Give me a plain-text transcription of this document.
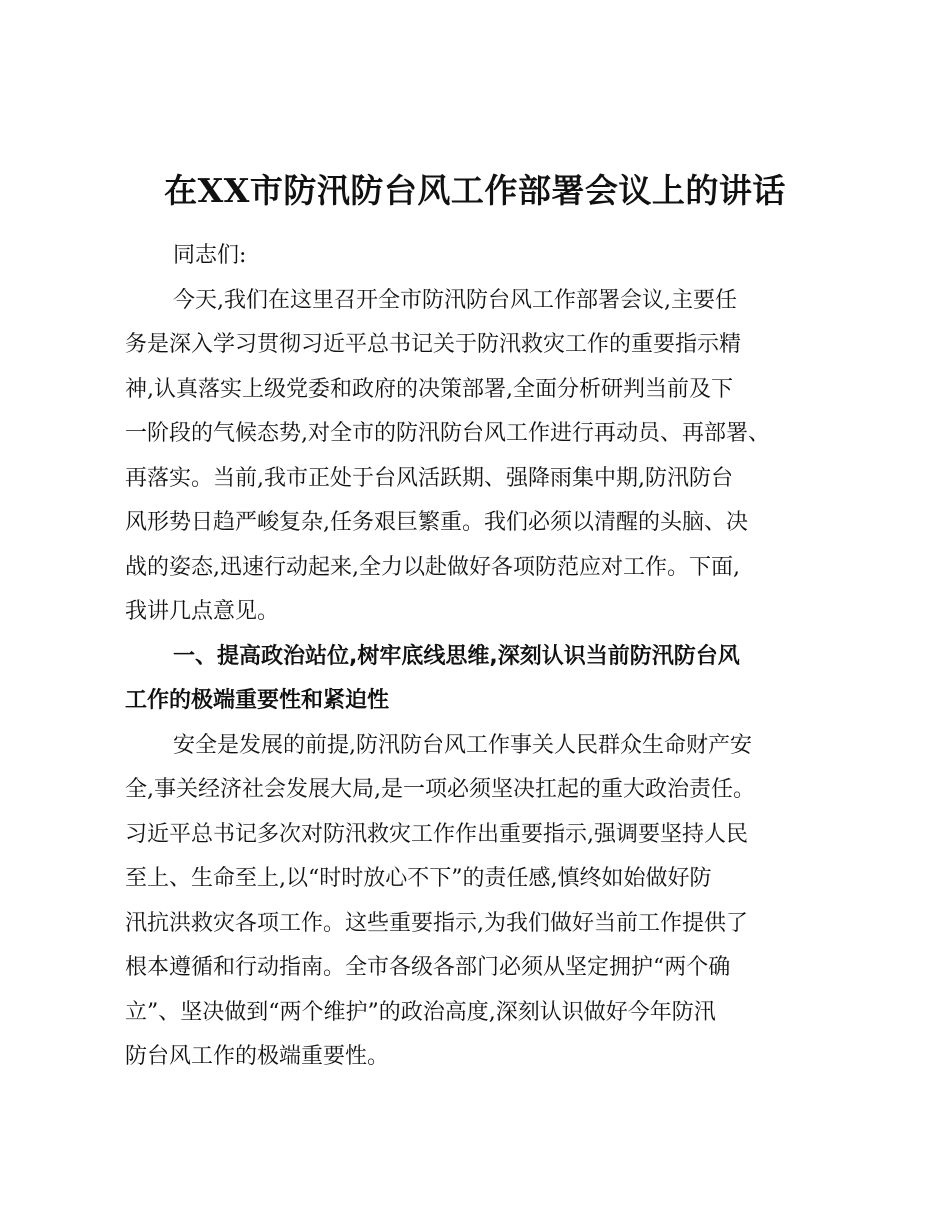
在XX市防汛防台风工作部署会议上的讲话
同志们:
今天,我们在这里召开全市防汛防台风工作部署会议,主要任
务是深入学习贯彻习近平总书记关于防汛救灾工作的重要指示精
神,认真落实上级党委和政府的决策部署,全面分析研判当前及下
一阶段的气候态势,对全市的防汛防台风工作进行再动员、再部署、
再落实。当前,我市正处于台风活跃期、强降雨集中期,防汛防台
风形势日趋严峻复杂,任务艰巨繁重。我们必须以清醒的头脑、决
战的姿态,迅速行动起来,全力以赴做好各项防范应对工作。下面,
我讲几点意见。
一、提高政治站位,树牢底线思维,深刻认识当前防汛防台风
工作的极端重要性和紧迫性
安全是发展的前提,防汛防台风工作事关人民群众生命财产安
全,事关经济社会发展大局,是一项必须坚决扛起的重大政治责任。
习近平总书记多次对防汛救灾工作作出重要指示,强调要坚持人民
至上、生命至上,以“时时放心不下”的责任感,慎终如始做好防
汛抗洪救灾各项工作。这些重要指示,为我们做好当前工作提供了
根本遵循和行动指南。全市各级各部门必须从坚定拥护“两个确
立”、坚决做到“两个维护”的政治高度,深刻认识做好今年防汛
防台风工作的极端重要性。
